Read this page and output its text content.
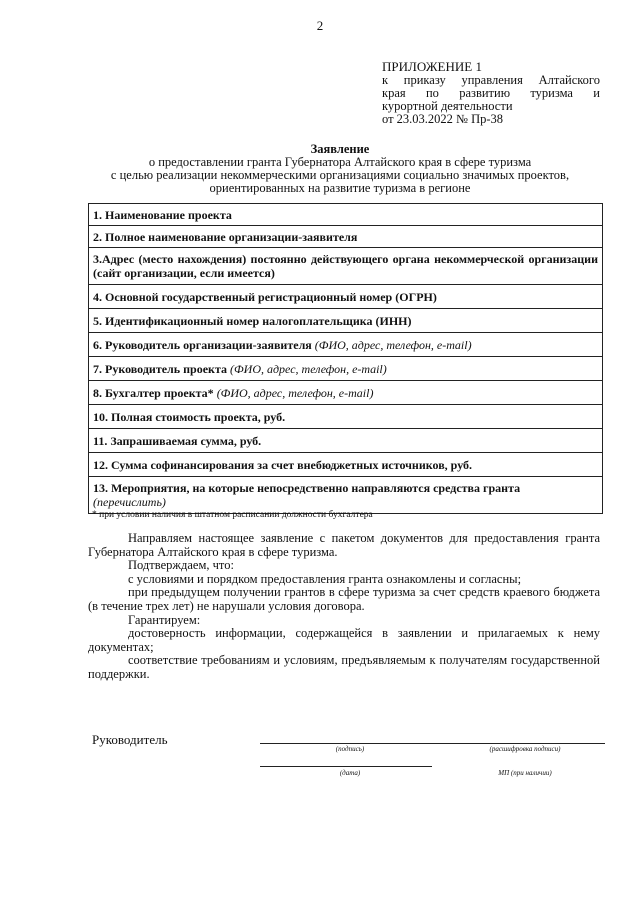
2
ПРИЛОЖЕНИЕ 1
к приказу управления Алтайского
края по развитию туризма и
курортной деятельности
от 23.03.2022 № Пр-38
Заявление
о предоставлении гранта Губернатора Алтайского края в сфере туризма
с целью реализации некоммерческими организациями социально значимых проектов,
ориентированных на развитие туризма в регионе
1. Наименование проекта
2. Полное наименование организации-заявителя
3.Адрес (место нахождения) постоянно действующего органа некоммерческой организации (сайт организации, если имеется)
4. Основной государственный регистрационный номер (ОГРН)
5. Идентификационный номер налогоплательщика (ИНН)
6. Руководитель организации-заявителя (ФИО, адрес, телефон, e-mail)
7. Руководитель проекта (ФИО, адрес, телефон, e-mail)
8. Бухгалтер проекта* (ФИО, адрес, телефон, e-mail)
10. Полная стоимость проекта, руб.
11. Запрашиваемая сумма, руб.
12. Сумма софинансирования за счет внебюджетных источников, руб.
13. Мероприятия, на которые непосредственно направляются средства гранта
(перечислить)
* при условии наличия в штатном расписании должности бухгалтера

Направляем настоящее заявление с пакетом документов для предоставления гранта Губернатора Алтайского края в сфере туризма.

Подтверждаем, что:

с условиями и порядком предоставления гранта ознакомлены и согласны;

при предыдущем получении грантов в сфере туризма за счет средств краевого бюджета (в течение трех лет) не нарушали условия договора.

Гарантируем:

достоверность информации, содержащейся в заявлении и прилагаемых к нему документах;

соответствие требованиям и условиям, предъявляемым к получателям государственной поддержки.

Руководитель
(подпись)	(расшифровка подписи)
(дата)	МП (при наличии)
